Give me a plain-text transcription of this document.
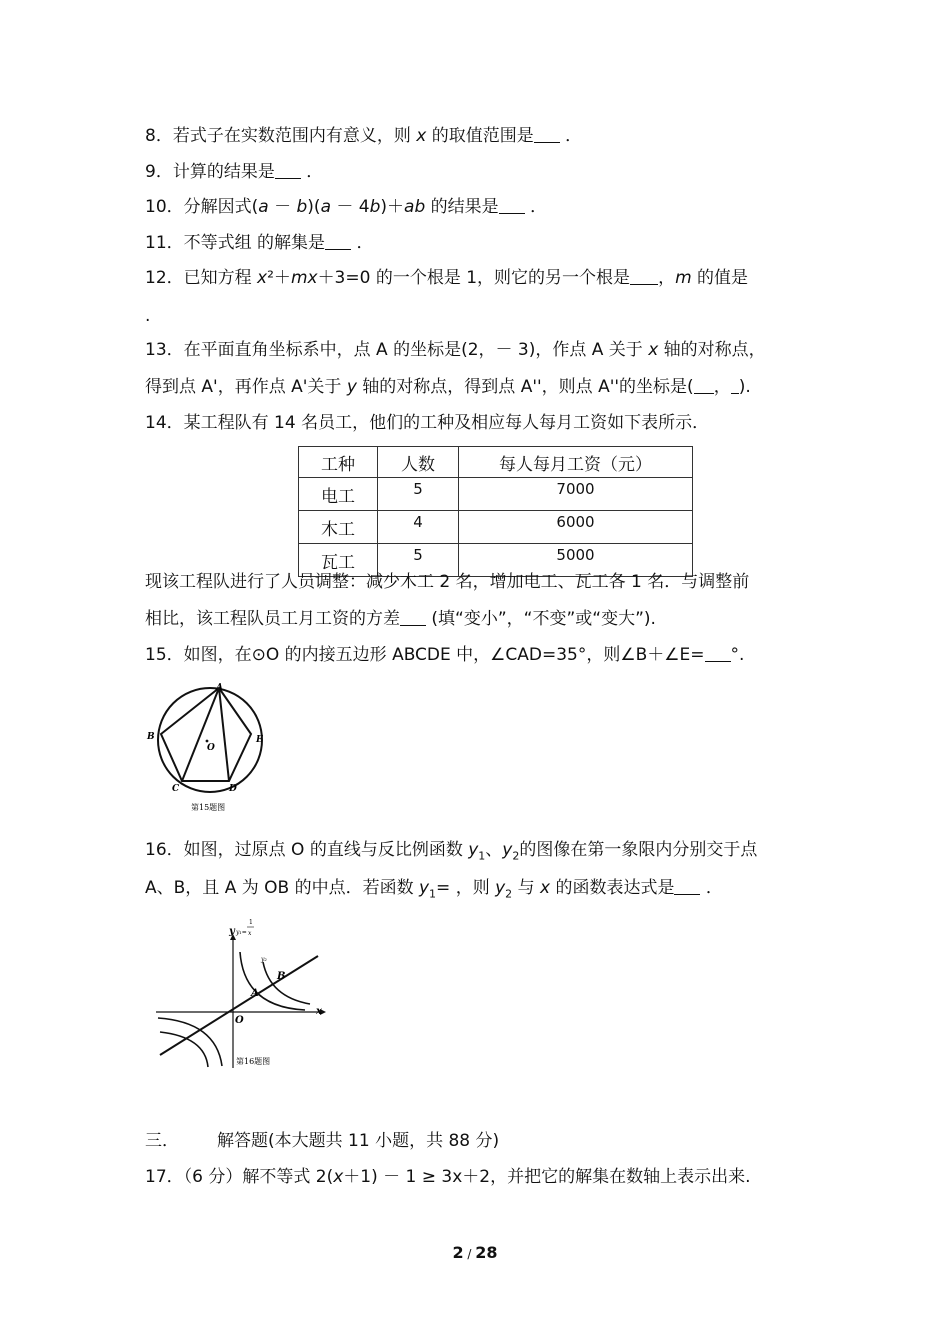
8．若式子在实数范围内有意义，则 x 的取值范围是 ．
9．计算的结果是 ．
10．分解因式(a － b)(a － 4b)＋ab 的结果是 ．
11．不等式组 的解集是 ．
12．已知方程 x²＋mx＋3=0 的一个根是 1，则它的另一个根是 ，m 的值是
.
13．在平面直角坐标系中，点 A 的坐标是(2，－ 3)，作点 A 关于 x 轴的对称点，
得到点 A'，再作点 A'关于 y 轴的对称点，得到点 A''，则点 A''的坐标是( ， ).
14．某工程队有 14 名员工，他们的工种及相应每人每月工资如下表所示．
工种	人数	每人每月工资（元）
电工	5	7000
木工	4	6000
瓦工	5	5000
现该工程队进行了人员调整：减少木工 2 名，增加电工、瓦工各 1 名．与调整前
相比，该工程队员工月工资的方差 (填“变小”，“不变”或“变大”).
15．如图，在⊙O 的内接五边形 ABCDE 中，∠CAD=35°，则∠B＋∠E= °.
A
B
C	D
E
O
第15题图
16．如图，过原点 O 的直线与反比例函数 $y_1$、$y_2$的图像在第一象限内分别交于点
A、B，且 A 为 OB 的中点．若函数 $y_1=$ ，则 $y_2$ 与 x 的函数表达式是 ．
y y₁=
1
x
y₂
A
B
O
x
第16题图
三． 解答题(本大题共 11 小题，共 88 分)
17．（6 分）解不等式 2(x＋1) － 1 ≥ 3x＋2，并把它的解集在数轴上表示出来.
2 / 28
